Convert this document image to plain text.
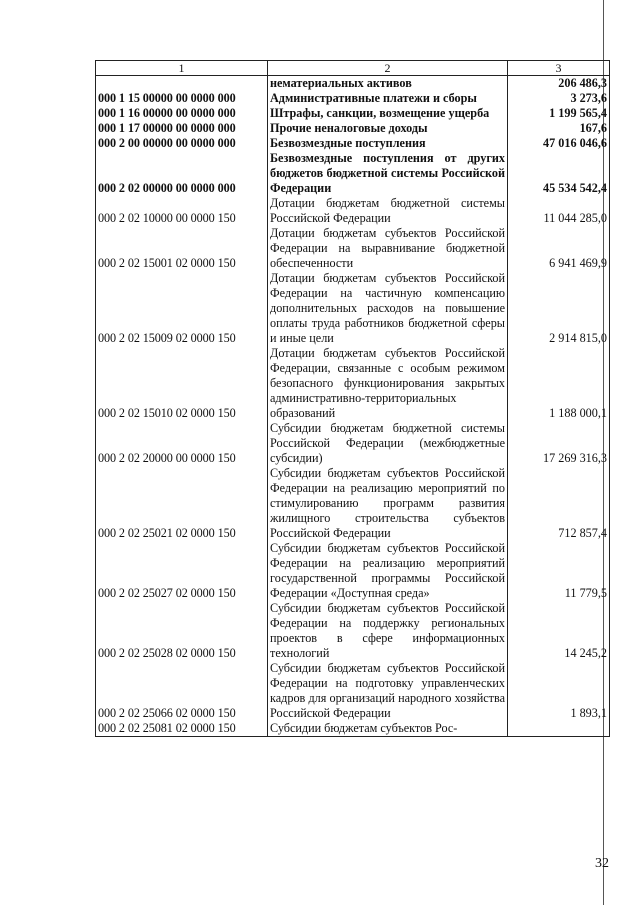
1	2	3
	нематериальных активов	206 486,3
000 1 15 00000 00 0000 000	Административные платежи и сборы	3 273,6
000 1 16 00000 00 0000 000	Штрафы, санкции, возмещение ущерба	1 199 565,4
000 1 17 00000 00 0000 000	Прочие неналоговые доходы	167,6
000 2 00 00000 00 0000 000	Безвозмездные поступления	47 016 046,6
000 2 02 00000 00 0000 000	Безвозмездные поступления от других бюджетов бюджетной системы Российской Федерации	45 534 542,4
000 2 02 10000 00 0000 150	Дотации бюджетам бюджетной системы Российской Федерации	11 044 285,0
000 2 02 15001 02 0000 150	Дотации бюджетам субъектов Российской Федерации на выравнивание бюджетной обеспеченности	6 941 469,9
000 2 02 15009 02 0000 150	Дотации бюджетам субъектов Российской Федерации на частичную компенсацию дополнительных расходов на повышение оплаты труда работников бюджетной сферы и иные цели	2 914 815,0
000 2 02 15010 02 0000 150	Дотации бюджетам субъектов Российской Федерации, связанные с особым режимом безопасного функционирования закрытых административно-территориальных образований	1 188 000,1
000 2 02 20000 00 0000 150	Субсидии бюджетам бюджетной системы Российской Федерации (межбюджетные субсидии)	17 269 316,3
000 2 02 25021 02 0000 150	Субсидии бюджетам субъектов Российской Федерации на реализацию мероприятий по стимулированию программ развития жилищного строительства субъектов Российской Федерации	712 857,4
000 2 02 25027 02 0000 150	Субсидии бюджетам субъектов Российской Федерации на реализацию мероприятий государственной программы Российской Федерации «Доступная среда»	11 779,5
000 2 02 25028 02 0000 150	Субсидии бюджетам субъектов Российской Федерации на поддержку региональных проектов в сфере информационных технологий	14 245,2
000 2 02 25066 02 0000 150	Субсидии бюджетам субъектов Российской Федерации на подготовку управленческих кадров для организаций народного хозяйства Российской Федерации	1 893,1
000 2 02 25081 02 0000 150	Субсидии бюджетам субъектов Рос-	
32
